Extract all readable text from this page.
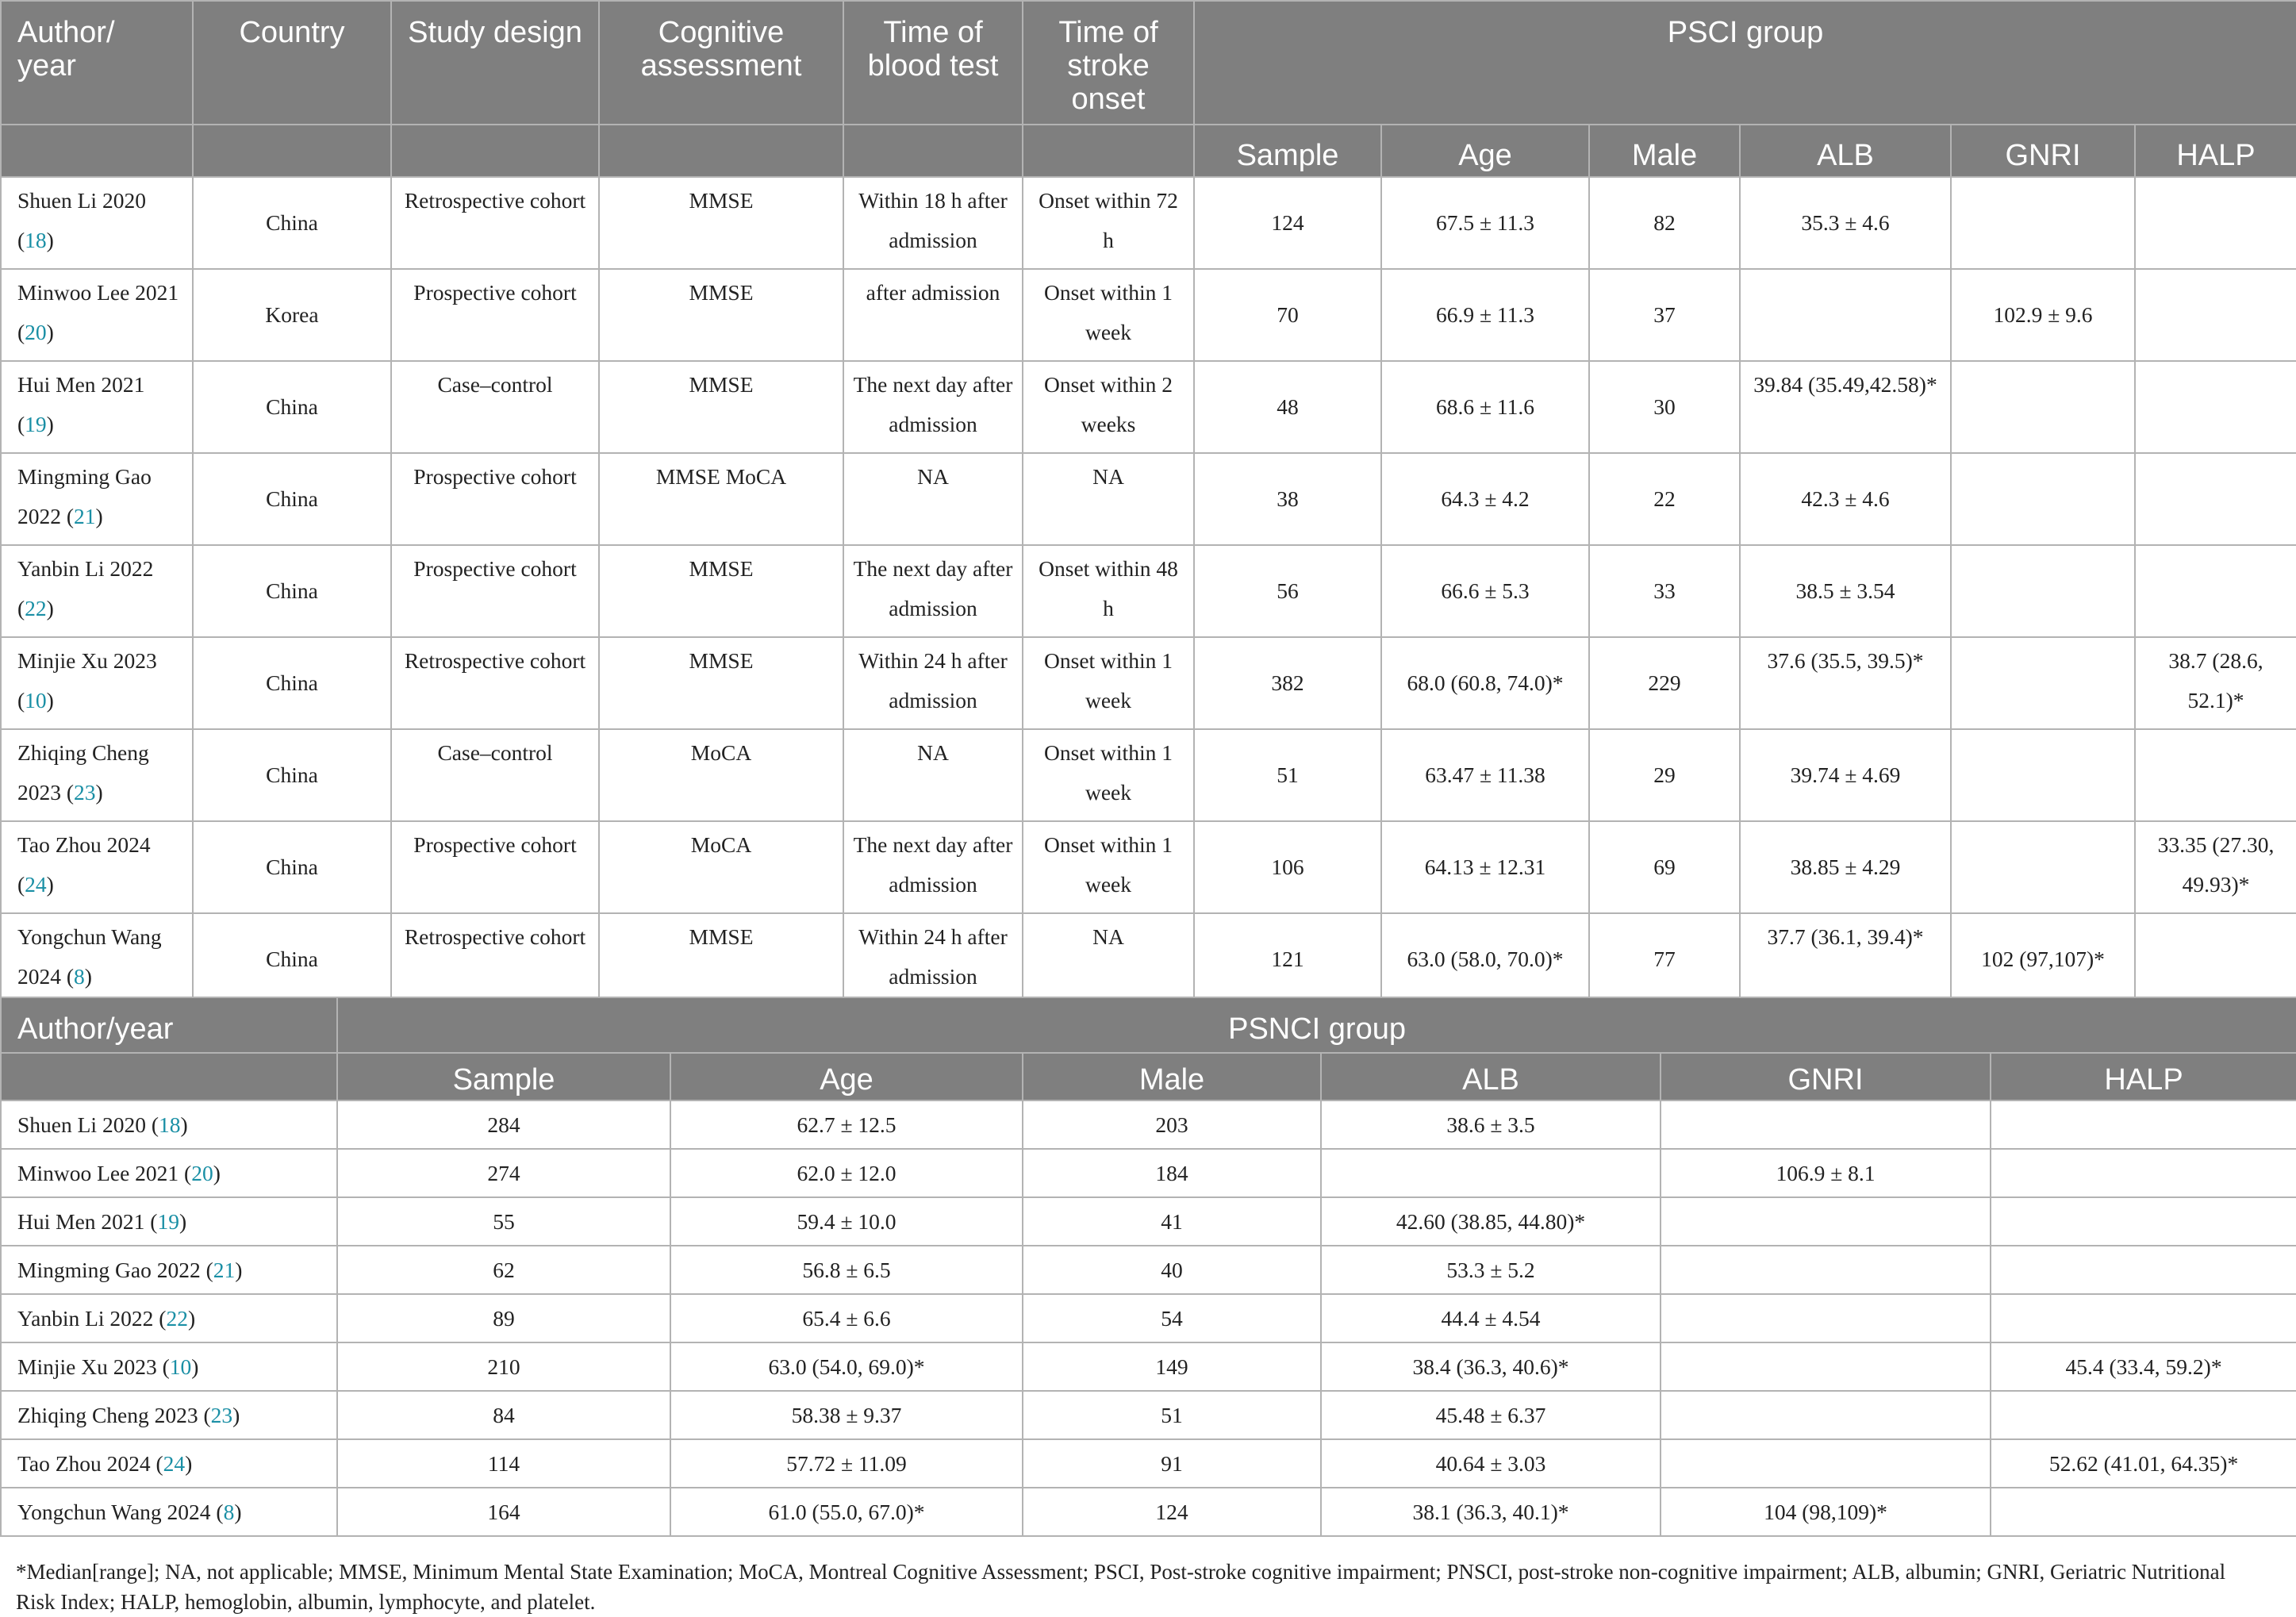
Author/
year	Country	Study design	Cognitive assessment	Time of blood test	Time of stroke onset	PSCI group					
						Sample	Age	Male	ALB	GNRI	HALP
Shuen Li 2020 (18)	China	Retrospective cohort	MMSE	Within 18 h after admission	Onset within 72 h	124	67.5 ± 11.3	82	35.3 ± 4.6		
Minwoo Lee 2021 (20)	Korea	Prospective cohort	MMSE	after admission	Onset within 1 week	70	66.9 ± 11.3	37		102.9 ± 9.6	
Hui Men 2021 (19)	China	Case–control	MMSE	The next day after admission	Onset within 2 weeks	48	68.6 ± 11.6	30	39.84 (35.49,42.58)*		
Mingming Gao 2022 (21)	China	Prospective cohort	MMSE MoCA	NA	NA	38	64.3 ± 4.2	22	42.3 ± 4.6		
Yanbin Li 2022 (22)	China	Prospective cohort	MMSE	The next day after admission	Onset within 48 h	56	66.6 ± 5.3	33	38.5 ± 3.54		
Minjie Xu 2023 (10)	China	Retrospective cohort	MMSE	Within 24 h after admission	Onset within 1 week	382	68.0 (60.8, 74.0)*	229	37.6 (35.5, 39.5)*		38.7 (28.6, 52.1)*
Zhiqing Cheng 2023 (23)	China	Case–control	MoCA	NA	Onset within 1 week	51	63.47 ± 11.38	29	39.74 ± 4.69		
Tao Zhou 2024 (24)	China	Prospective cohort	MoCA	The next day after admission	Onset within 1 week	106	64.13 ± 12.31	69	38.85 ± 4.29		33.35 (27.30, 49.93)*
Yongchun Wang 2024 (8)	China	Retrospective cohort	MMSE	Within 24 h after admission	NA	121	63.0 (58.0, 70.0)*	77	37.7 (36.1, 39.4)*	102 (97,107)*	
Author/year	PSNCI group					
	Sample	Age	Male	ALB	GNRI	HALP
Shuen Li 2020 (18)	284	62.7 ± 12.5	203	38.6 ± 3.5		
Minwoo Lee 2021 (20)	274	62.0 ± 12.0	184		106.9 ± 8.1	
Hui Men 2021 (19)	55	59.4 ± 10.0	41	42.60 (38.85, 44.80)*		
Mingming Gao 2022 (21)	62	56.8 ± 6.5	40	53.3 ± 5.2		
Yanbin Li 2022 (22)	89	65.4 ± 6.6	54	44.4 ± 4.54		
Minjie Xu 2023 (10)	210	63.0 (54.0, 69.0)*	149	38.4 (36.3, 40.6)*		45.4 (33.4, 59.2)*
Zhiqing Cheng 2023 (23)	84	58.38 ± 9.37	51	45.48 ± 6.37		
Tao Zhou 2024 (24)	114	57.72 ± 11.09	91	40.64 ± 3.03		52.62 (41.01, 64.35)*
Yongchun Wang 2024 (8)	164	61.0 (55.0, 67.0)*	124	38.1 (36.3, 40.1)*	104 (98,109)*	
*Median[range]; NA, not applicable; MMSE, Minimum Mental State Examination; MoCA, Montreal Cognitive Assessment; PSCI, Post-stroke cognitive impairment; PNSCI, post-stroke non-cognitive impairment; ALB, albumin; GNRI, Geriatric Nutritional Risk Index; HALP, hemoglobin, albumin, lymphocyte, and platelet.
